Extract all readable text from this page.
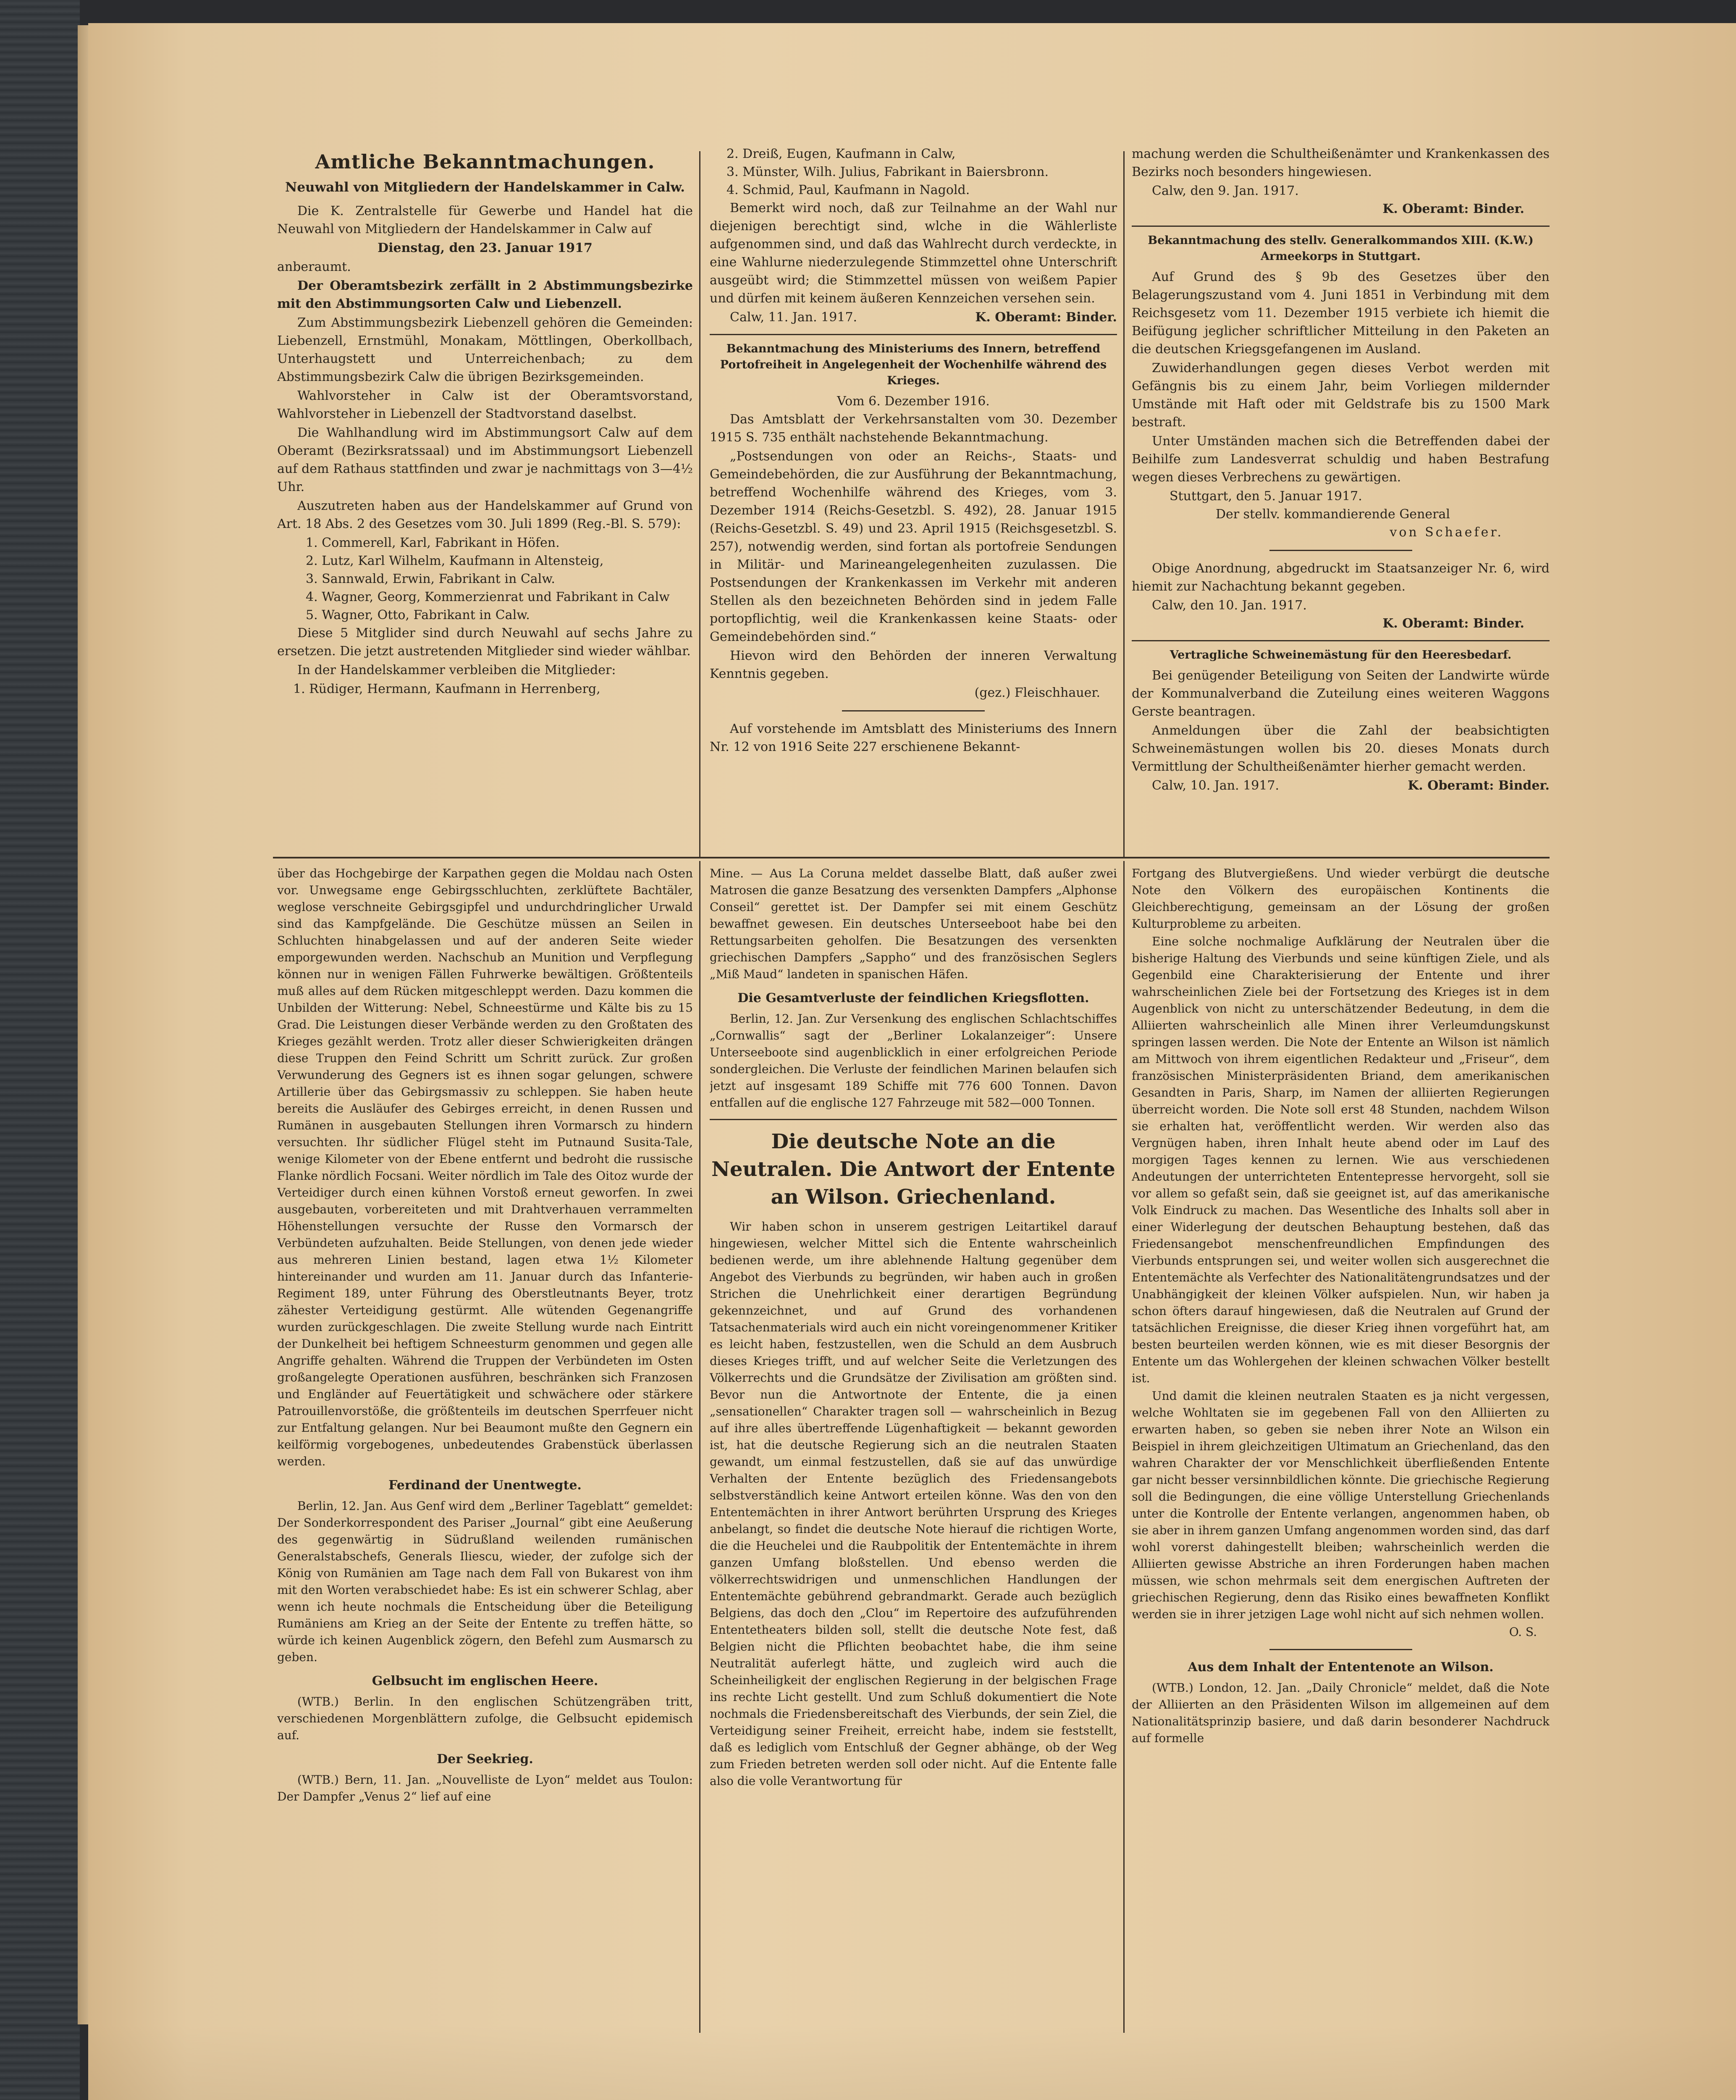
Amtliche Bekanntmachungen.
Neuwahl von Mitgliedern der Handelskammer in Calw.

Die K. Zentralstelle für Gewerbe und Handel hat die Neuwahl von Mitgliedern der Handelskammer in Calw auf

Dienstag, den 23. Januar 1917

anberaumt.

Der Oberamtsbezirk zerfällt in 2 Abstimmungsbezirke mit den Abstimmungsorten Calw und Liebenzell.

Zum Abstimmungsbezirk Liebenzell gehören die Gemeinden: Liebenzell, Ernstmühl, Monakam, Möttlingen, Oberkollbach, Unterhaugstett und Unterreichenbach; zu dem Abstimmungsbezirk Calw die übrigen Bezirksgemeinden.

Wahlvorsteher in Calw ist der Oberamtsvorstand, Wahlvorsteher in Liebenzell der Stadtvorstand daselbst.

Die Wahlhandlung wird im Abstimmungsort Calw auf dem Oberamt (Bezirksratssaal) und im Abstimmungsort Liebenzell auf dem Rathaus stattfinden und zwar je nachmittags von 3—4½ Uhr.

Auszutreten haben aus der Handelskammer auf Grund von Art. 18 Abs. 2 des Gesetzes vom 30. Juli 1899 (Reg.-Bl. S. 579):

1. Commerell, Karl, Fabrikant in Höfen.
2. Lutz, Karl Wilhelm, Kaufmann in Altensteig,
3. Sannwald, Erwin, Fabrikant in Calw.
4. Wagner, Georg, Kommerzienrat und Fabrikant in Calw
5. Wagner, Otto, Fabrikant in Calw.

Diese 5 Mitglider sind durch Neuwahl auf sechs Jahre zu ersetzen. Die jetzt austretenden Mitglieder sind wieder wählbar.

In der Handelskammer verbleiben die Mitglieder:

1. Rüdiger, Hermann, Kaufmann in Herrenberg,
2. Dreiß, Eugen, Kaufmann in Calw,
3. Münster, Wilh. Julius, Fabrikant in Baiersbronn.
4. Schmid, Paul, Kaufmann in Nagold.

Bemerkt wird noch, daß zur Teilnahme an der Wahl nur diejenigen berechtigt sind, wlche in die Wählerliste aufgenommen sind, und daß das Wahlrecht durch verdeckte, in eine Wahlurne niederzulegende Stimmzettel ohne Unterschrift ausgeübt wird; die Stimmzettel müssen von weißem Papier und dürfen mit keinem äußeren Kennzeichen versehen sein.

Calw, 11. Jan. 1917.	K. Oberamt: Binder.
Bekanntmachung des Ministeriums des Innern, betreffend Portofreiheit in Angelegenheit der Wochenhilfe während des Krieges.
Vom 6. Dezember 1916.

Das Amtsblatt der Verkehrsanstalten vom 30. Dezember 1915 S. 735 enthält nachstehende Bekanntmachung.

„Postsendungen von oder an Reichs-, Staats- und Gemeindebehörden, die zur Ausführung der Bekanntmachung, betreffend Wochenhilfe während des Krieges, vom 3. Dezember 1914 (Reichs-Gesetzbl. S. 492), 28. Januar 1915 (Reichs-Gesetzbl. S. 49) und 23. April 1915 (Reichsgesetzbl. S. 257), notwendig werden, sind fortan als portofreie Sendungen in Militär- und Marineangelegenheiten zuzulassen. Die Postsendungen der Krankenkassen im Verkehr mit anderen Stellen als den bezeichneten Behörden sind in jedem Falle portopflichtig, weil die Krankenkassen keine Staats- oder Gemeindebehörden sind.“

Hievon wird den Behörden der inneren Verwaltung Kenntnis gegeben.

(gez.) Fleischhauer.

Auf vorstehende im Amtsblatt des Ministeriums des Innern Nr. 12 von 1916 Seite 227 erschienene Bekannt-

machung werden die Schultheißenämter und Krankenkassen des Bezirks noch besonders hingewiesen.

Calw, den 9. Jan. 1917.
K. Oberamt: Binder.
Bekanntmachung des stellv. Generalkommandos XIII. (K.W.) Armeekorps in Stuttgart.

Auf Grund des § 9b des Gesetzes über den Belagerungszustand vom 4. Juni 1851 in Verbindung mit dem Reichsgesetz vom 11. Dezember 1915 verbiete ich hiemit die Beifügung jeglicher schriftlicher Mitteilung in den Paketen an die deutschen Kriegsgefangenen im Ausland.

Zuwiderhandlungen gegen dieses Verbot werden mit Gefängnis bis zu einem Jahr, beim Vorliegen mildernder Umstände mit Haft oder mit Geldstrafe bis zu 1500 Mark bestraft.

Unter Umständen machen sich die Betreffenden dabei der Beihilfe zum Landesverrat schuldig und haben Bestrafung wegen dieses Verbrechens zu gewärtigen.

Stuttgart, den 5. Januar 1917.
Der stellv. kommandierende General
von Schaefer.

Obige Anordnung, abgedruckt im Staatsanzeiger Nr. 6, wird hiemit zur Nachachtung bekannt gegeben.

Calw, den 10. Jan. 1917.
K. Oberamt: Binder.
Vertragliche Schweinemästung für den Heeresbedarf.

Bei genügender Beteiligung von Seiten der Landwirte würde der Kommunalverband die Zuteilung eines weiteren Waggons Gerste beantragen.

Anmeldungen über die Zahl der beabsichtigten Schweinemästungen wollen bis 20. dieses Monats durch Vermittlung der Schultheißenämter hierher gemacht werden.

Calw, 10. Jan. 1917.	K. Oberamt: Binder.

über das Hochgebirge der Karpathen gegen die Moldau nach Osten vor. Unwegsame enge Gebirgsschluchten, zerklüftete Bachtäler, weglose verschneite Gebirgsgipfel und undurchdringlicher Urwald sind das Kampfgelände. Die Geschütze müssen an Seilen in Schluchten hinabgelassen und auf der anderen Seite wieder emporgewunden werden. Nachschub an Munition und Verpflegung können nur in wenigen Fällen Fuhrwerke bewältigen. Größtenteils muß alles auf dem Rücken mitgeschleppt werden. Dazu kommen die Unbilden der Witterung: Nebel, Schneestürme und Kälte bis zu 15 Grad. Die Leistungen dieser Verbände werden zu den Großtaten des Krieges gezählt werden. Trotz aller dieser Schwierigkeiten drängen diese Truppen den Feind Schritt um Schritt zurück. Zur großen Verwunderung des Gegners ist es ihnen sogar gelungen, schwere Artillerie über das Gebirgsmassiv zu schleppen. Sie haben heute bereits die Ausläufer des Gebirges erreicht, in denen Russen und Rumänen in ausgebauten Stellungen ihren Vormarsch zu hindern versuchten. Ihr südlicher Flügel steht im Putnaund Susita-Tale, wenige Kilometer von der Ebene entfernt und bedroht die russische Flanke nördlich Focsani. Weiter nördlich im Tale des Oitoz wurde der Verteidiger durch einen kühnen Vorstoß erneut geworfen. In zwei ausgebauten, vorbereiteten und mit Drahtverhauen verrammelten Höhenstellungen versuchte der Russe den Vormarsch der Verbündeten aufzuhalten. Beide Stellungen, von denen jede wieder aus mehreren Linien bestand, lagen etwa 1½ Kilometer hintereinander und wurden am 11. Januar durch das Infanterie-Regiment 189, unter Führung des Oberstleutnants Beyer, trotz zähester Verteidigung gestürmt. Alle wütenden Gegenangriffe wurden zurückgeschlagen. Die zweite Stellung wurde nach Eintritt der Dunkelheit bei heftigem Schneesturm genommen und gegen alle Angriffe gehalten. Während die Truppen der Verbündeten im Osten großangelegte Operationen ausführen, beschränken sich Franzosen und Engländer auf Feuertätigkeit und schwächere oder stärkere Patrouillenvorstöße, die größtenteils im deutschen Sperrfeuer nicht zur Entfaltung gelangen. Nur bei Beaumont mußte den Gegnern ein keilförmig vorgebogenes, unbedeutendes Grabenstück überlassen werden.

Ferdinand der Unentwegte.

Berlin, 12. Jan. Aus Genf wird dem „Berliner Tageblatt“ gemeldet: Der Sonderkorrespondent des Pariser „Journal“ gibt eine Aeußerung des gegenwärtig in Südrußland weilenden rumänischen Generalstabschefs, Generals Iliescu, wieder, der zufolge sich der König von Rumänien am Tage nach dem Fall von Bukarest von ihm mit den Worten verabschiedet habe: Es ist ein schwerer Schlag, aber wenn ich heute nochmals die Entscheidung über die Beteiligung Rumäniens am Krieg an der Seite der Entente zu treffen hätte, so würde ich keinen Augenblick zögern, den Befehl zum Ausmarsch zu geben.

Gelbsucht im englischen Heere.

(WTB.) Berlin. In den englischen Schützengräben tritt, verschiedenen Morgenblättern zufolge, die Gelbsucht epidemisch auf.

Der Seekrieg.

(WTB.) Bern, 11. Jan. „Nouvelliste de Lyon“ meldet aus Toulon: Der Dampfer „Venus 2“ lief auf eine

Mine. — Aus La Coruna meldet dasselbe Blatt, daß außer zwei Matrosen die ganze Besatzung des versenkten Dampfers „Alphonse Conseil“ gerettet ist. Der Dampfer sei mit einem Geschütz bewaffnet gewesen. Ein deutsches Unterseeboot habe bei den Rettungsarbeiten geholfen. Die Besatzungen des versenkten griechischen Dampfers „Sappho“ und des französischen Seglers „Miß Maud“ landeten in spanischen Häfen.

Die Gesamtverluste der feindlichen Kriegsflotten.

Berlin, 12. Jan. Zur Versenkung des englischen Schlachtschiffes „Cornwallis“ sagt der „Berliner Lokalanzeiger“: Unsere Unterseeboote sind augenblicklich in einer erfolgreichen Periode sondergleichen. Die Verluste der feindlichen Marinen belaufen sich jetzt auf insgesamt 189 Schiffe mit 776 600 Tonnen. Davon entfallen auf die englische 127 Fahrzeuge mit 582—000 Tonnen.

Die deutsche Note an die Neutralen. Die Antwort der Entente an Wilson. Griechenland.

Wir haben schon in unserem gestrigen Leitartikel darauf hingewiesen, welcher Mittel sich die Entente wahrscheinlich bedienen werde, um ihre ablehnende Haltung gegenüber dem Angebot des Vierbunds zu begründen, wir haben auch in großen Strichen die Unehrlichkeit einer derartigen Begründung gekennzeichnet, und auf Grund des vorhandenen Tatsachenmaterials wird auch ein nicht voreingenommener Kritiker es leicht haben, festzustellen, wen die Schuld an dem Ausbruch dieses Krieges trifft, und auf welcher Seite die Verletzungen des Völkerrechts und die Grundsätze der Zivilisation am größten sind. Bevor nun die Antwortnote der Entente, die ja einen „sensationellen“ Charakter tragen soll — wahrscheinlich in Bezug auf ihre alles übertreffende Lügenhaftigkeit — bekannt geworden ist, hat die deutsche Regierung sich an die neutralen Staaten gewandt, um einmal festzustellen, daß sie auf das unwürdige Verhalten der Entente bezüglich des Friedensangebots selbstverständlich keine Antwort erteilen könne. Was den von den Ententemächten in ihrer Antwort berührten Ursprung des Krieges anbelangt, so findet die deutsche Note hierauf die richtigen Worte, die die Heuchelei und die Raubpolitik der Ententemächte in ihrem ganzen Umfang bloßstellen. Und ebenso werden die völkerrechtswidrigen und unmenschlichen Handlungen der Ententemächte gebührend gebrandmarkt. Gerade auch bezüglich Belgiens, das doch den „Clou“ im Repertoire des aufzuführenden Ententetheaters bilden soll, stellt die deutsche Note fest, daß Belgien nicht die Pflichten beobachtet habe, die ihm seine Neutralität auferlegt hätte, und zugleich wird auch die Scheinheiligkeit der englischen Regierung in der belgischen Frage ins rechte Licht gestellt. Und zum Schluß dokumentiert die Note nochmals die Friedensbereitschaft des Vierbunds, der sein Ziel, die Verteidigung seiner Freiheit, erreicht habe, indem sie feststellt, daß es lediglich vom Entschluß der Gegner abhänge, ob der Weg zum Frieden betreten werden soll oder nicht. Auf die Entente falle also die volle Verantwortung für

Fortgang des Blutvergießens. Und wieder verbürgt die deutsche Note den Völkern des europäischen Kontinents die Gleichberechtigung, gemeinsam an der Lösung der großen Kulturprobleme zu arbeiten.

Eine solche nochmalige Aufklärung der Neutralen über die bisherige Haltung des Vierbunds und seine künftigen Ziele, und als Gegenbild eine Charakterisierung der Entente und ihrer wahrscheinlichen Ziele bei der Fortsetzung des Krieges ist in dem Augenblick von nicht zu unterschätzender Bedeutung, in dem die Alliierten wahrscheinlich alle Minen ihrer Verleumdungskunst springen lassen werden. Die Note der Entente an Wilson ist nämlich am Mittwoch von ihrem eigentlichen Redakteur und „Friseur“, dem französischen Ministerpräsidenten Briand, dem amerikanischen Gesandten in Paris, Sharp, im Namen der alliierten Regierungen überreicht worden. Die Note soll erst 48 Stunden, nachdem Wilson sie erhalten hat, veröffentlicht werden. Wir werden also das Vergnügen haben, ihren Inhalt heute abend oder im Lauf des morgigen Tages kennen zu lernen. Wie aus verschiedenen Andeutungen der unterrichteten Ententepresse hervorgeht, soll sie vor allem so gefaßt sein, daß sie geeignet ist, auf das amerikanische Volk Eindruck zu machen. Das Wesentliche des Inhalts soll aber in einer Widerlegung der deutschen Behauptung bestehen, daß das Friedensangebot menschenfreundlichen Empfindungen des Vierbunds entsprungen sei, und weiter wollen sich ausgerechnet die Ententemächte als Verfechter des Nationalitätengrundsatzes und der Unabhängigkeit der kleinen Völker aufspielen. Nun, wir haben ja schon öfters darauf hingewiesen, daß die Neutralen auf Grund der tatsächlichen Ereignisse, die dieser Krieg ihnen vorgeführt hat, am besten beurteilen werden können, wie es mit dieser Besorgnis der Entente um das Wohlergehen der kleinen schwachen Völker bestellt ist.

Und damit die kleinen neutralen Staaten es ja nicht vergessen, welche Wohltaten sie im gegebenen Fall von den Alliierten zu erwarten haben, so geben sie neben ihrer Note an Wilson ein Beispiel in ihrem gleichzeitigen Ultimatum an Griechenland, das den wahren Charakter der vor Menschlichkeit überfließenden Entente gar nicht besser versinnbildlichen könnte. Die griechische Regierung soll die Bedingungen, die eine völlige Unterstellung Griechenlands unter die Kontrolle der Entente verlangen, angenommen haben, ob sie aber in ihrem ganzen Umfang angenommen worden sind, das darf wohl vorerst dahingestellt bleiben; wahrscheinlich werden die Alliierten gewisse Abstriche an ihren Forderungen haben machen müssen, wie schon mehrmals seit dem energischen Auftreten der griechischen Regierung, denn das Risiko eines bewaffneten Konflikt werden sie in ihrer jetzigen Lage wohl nicht auf sich nehmen wollen.

O. S.
Aus dem Inhalt der Ententenote an Wilson.

(WTB.) London, 12. Jan. „Daily Chronicle“ meldet, daß die Note der Alliierten an den Präsidenten Wilson im allgemeinen auf dem Nationalitätsprinzip basiere, und daß darin besonderer Nachdruck auf formelle
